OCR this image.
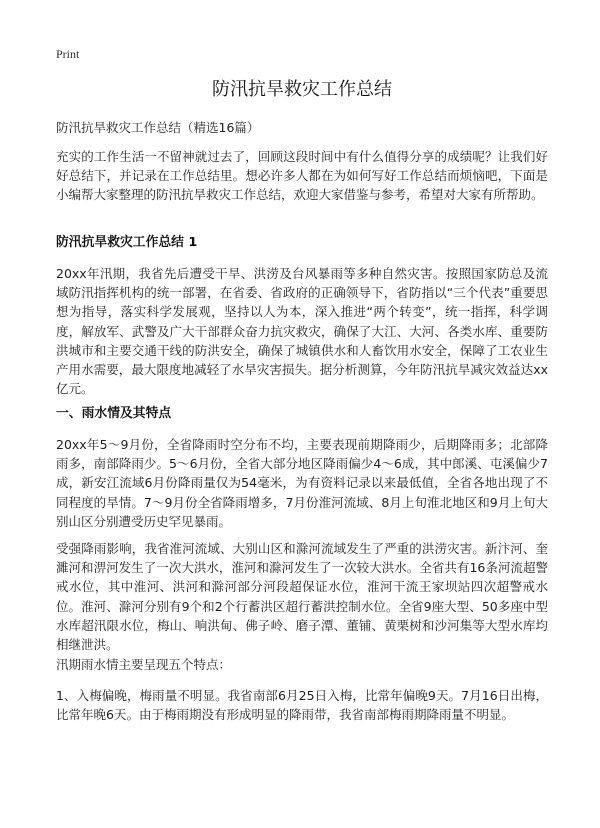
Print
防汛抗旱救灾工作总结
防汛抗旱救灾工作总结（精选16篇）

充实的工作生活一不留神就过去了，回顾这段时间中有什么值得分享的成绩呢？让我们好好总结下，并记录在工作总结里。想必许多人都在为如何写好工作总结而烦恼吧，下面是小编帮大家整理的防汛抗旱救灾工作总结，欢迎大家借鉴与参考，希望对大家有所帮助。

防汛抗旱救灾工作总结 1

20xx年汛期，我省先后遭受干旱、洪涝及台风暴雨等多种自然灾害。按照国家防总及流域防汛指挥机构的统一部署，在省委、省政府的正确领导下，省防指以“三个代表”重要思想为指导，落实科学发展观，坚持以人为本，深入推进“两个转变”，统一指挥，科学调度，解放军、武警及广大干部群众奋力抗灾救灾，确保了大江、大河、各类水库、重要防洪城市和主要交通干线的防洪安全，确保了城镇供水和人畜饮用水安全，保障了工农业生产用水需要，最大限度地减轻了水旱灾害损失。据分析测算，今年防汛抗旱减灾效益达xx亿元。

一、雨水情及其特点

20xx年5～9月份，全省降雨时空分布不均，主要表现前期降雨少，后期降雨多；北部降雨多，南部降雨少。5～6月份，全省大部分地区降雨偏少4～6成，其中郎溪、屯溪偏少7成，新安江流域6月份降雨量仅为54毫米，为有资料记录以来最低值，全省各地出现了不同程度的旱情。7～9月份全省降雨增多，7月份淮河流域、8月上旬淮北地区和9月上旬大别山区分别遭受历史罕见暴雨。

受强降雨影响，我省淮河流域、大别山区和滁河流域发生了严重的洪涝灾害。新汴河、奎濉河和淠河发生了一次大洪水，淮河和滁河发生了一次较大洪水。全省共有16条河流超警戒水位，其中淮河、洪河和滁河部分河段超保证水位，淮河干流王家坝站四次超警戒水位。淮河、滁河分别有9个和2个行蓄洪区超行蓄洪控制水位。全省9座大型、50多座中型水库超汛限水位，梅山、响洪甸、佛子岭、磨子潭、董铺、黄栗树和沙河集等大型水库均相继泄洪。

汛期雨水情主要呈现五个特点：

1、入梅偏晚，梅雨量不明显。我省南部6月25日入梅，比常年偏晚9天。7月16日出梅，比常年晚6天。由于梅雨期没有形成明显的降雨带，我省南部梅雨期降雨量不明显。
